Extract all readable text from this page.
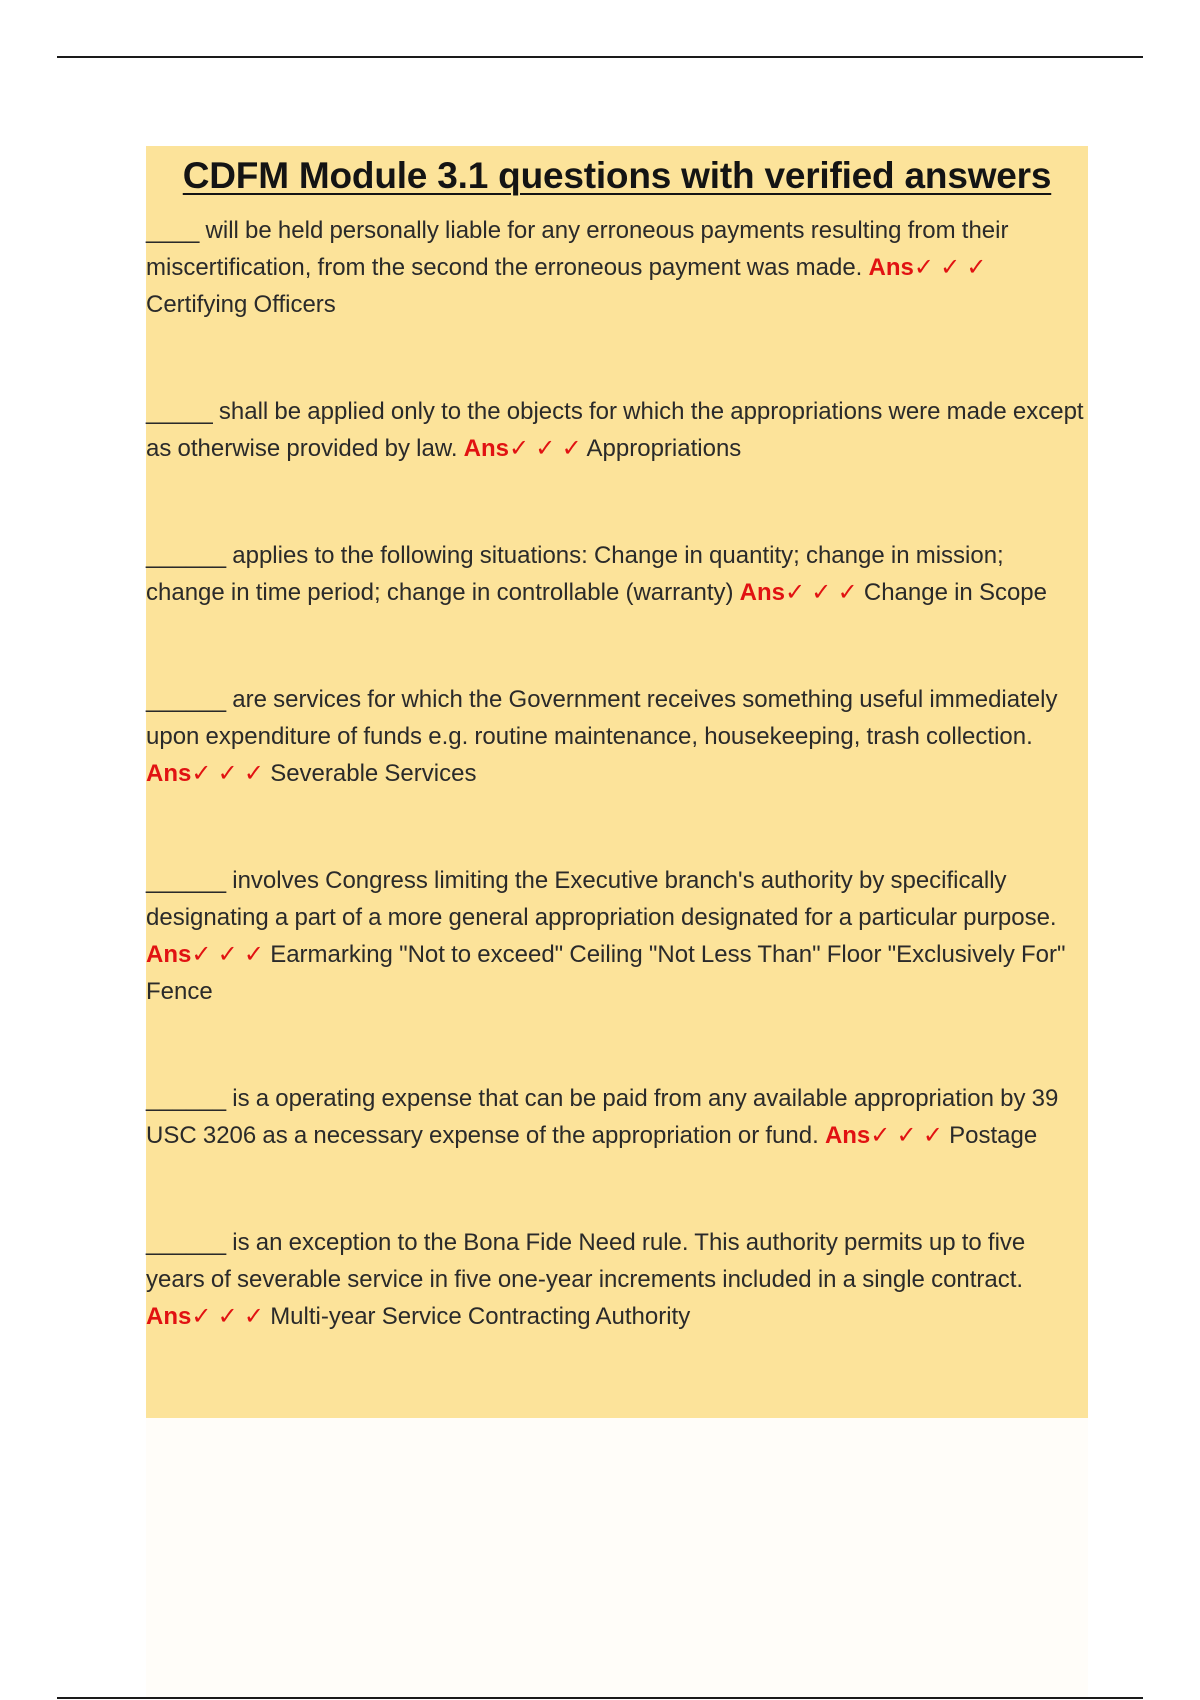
CDFM Module 3.1 questions with verified answers

____ will be held personally liable for any erroneous payments resulting from their miscertification, from the second the erroneous payment was made. Ans✓ ✓ ✓ Certifying Officers

_____ shall be applied only to the objects for which the appropriations were made except as otherwise provided by law. Ans✓ ✓ ✓ Appropriations

______ applies to the following situations: Change in quantity; change in mission; change in time period; change in controllable (warranty) Ans✓ ✓ ✓ Change in Scope

______ are services for which the Government receives something useful immediately upon expenditure of funds e.g. routine maintenance, housekeeping, trash collection. Ans✓ ✓ ✓ Severable Services

______ involves Congress limiting the Executive branch's authority by specifically designating a part of a more general appropriation designated for a particular purpose. Ans✓ ✓ ✓ Earmarking "Not to exceed" Ceiling "Not Less Than" Floor "Exclusively For" Fence

______ is a operating expense that can be paid from any available appropriation by 39 USC 3206 as a necessary expense of the appropriation or fund. Ans✓ ✓ ✓ Postage

______ is an exception to the Bona Fide Need rule. This authority permits up to five years of severable service in five one-year increments included in a single contract. Ans✓ ✓ ✓ Multi-year Service Contracting Authority
